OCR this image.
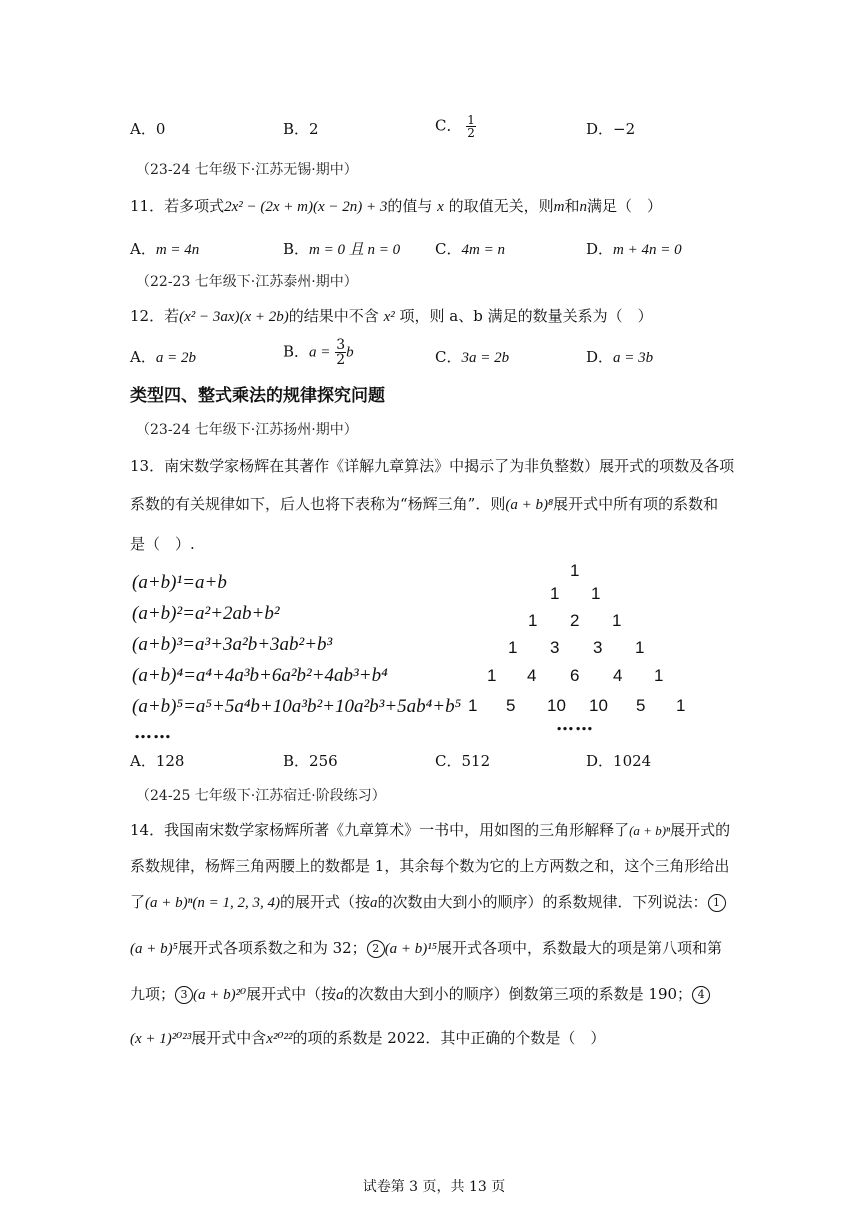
A．0	B．2	C． $\frac{1}{2}$	D．−2
（23-24 七年级下·江苏无锡·期中）
11．若多项式2x² − (2x + m)(x − 2n) + 3的值与 x 的取值无关，则m和n满足（　）
A．m = 4n	B．m = 0 且 n = 0 C．4m = n	D．m + 4n = 0
（22-23 七年级下·江苏泰州·期中）
12．若(x² − 3ax)(x + 2b)的结果中不含 x² 项，则 a、b 满足的数量关系为（　）
A．a = 2b	B．$a = \frac{3}{2}$ b	C．3a = 2b	D．a = 3b
类型四、整式乘法的规律探究问题
（23-24 七年级下·江苏扬州·期中）
13．南宋数学家杨辉在其著作《详解九章算法》中揭示了为非负整数）展开式的项数及各项
系数的有关规律如下，后人也将下表称为“杨辉三角”．则(a + b)⁸展开式中所有项的系数和
是（　）.
(a+b)¹=a+b
(a+b)²=a²+2ab+b²
(a+b)³=a³+3a²b+3ab²+b³
(a+b)⁴=a⁴+4a³b+6a²b²+4ab³+b⁴
(a+b)⁵=a⁵+5a⁴b+10a³b²+10a²b³+5ab⁴+b⁵
……
1
1 1
1 2 1
1 3 3 1
1 4 6 4 1
1 5 10 10 5 1
……
A．128	B．256	C．512	D．1024
（24-25 七年级下·江苏宿迁·阶段练习）
14．我国南宋数学家杨辉所著《九章算术》一书中，用如图的三角形解释了(a + b)ⁿ展开式的
系数规律，杨辉三角两腰上的数都是 1，其余每个数为它的上方两数之和，这个三角形给出
了(a + b)ⁿ(n = 1, 2, 3, 4)的展开式（按a的次数由大到小的顺序）的系数规律．下列说法： 1
(a + b)⁵展开式各项系数之和为 32； 2 (a + b)¹⁵展开式各项中，系数最大的项是第八项和第
九项； 3 (a + b)²⁰展开式中（按a的次数由大到小的顺序）倒数第三项的系数是 190； 4
(x + 1)²⁰²³展开式中含x²⁰²²的项的系数是 2022．其中正确的个数是（　）
试卷第 3 页，共 13 页
